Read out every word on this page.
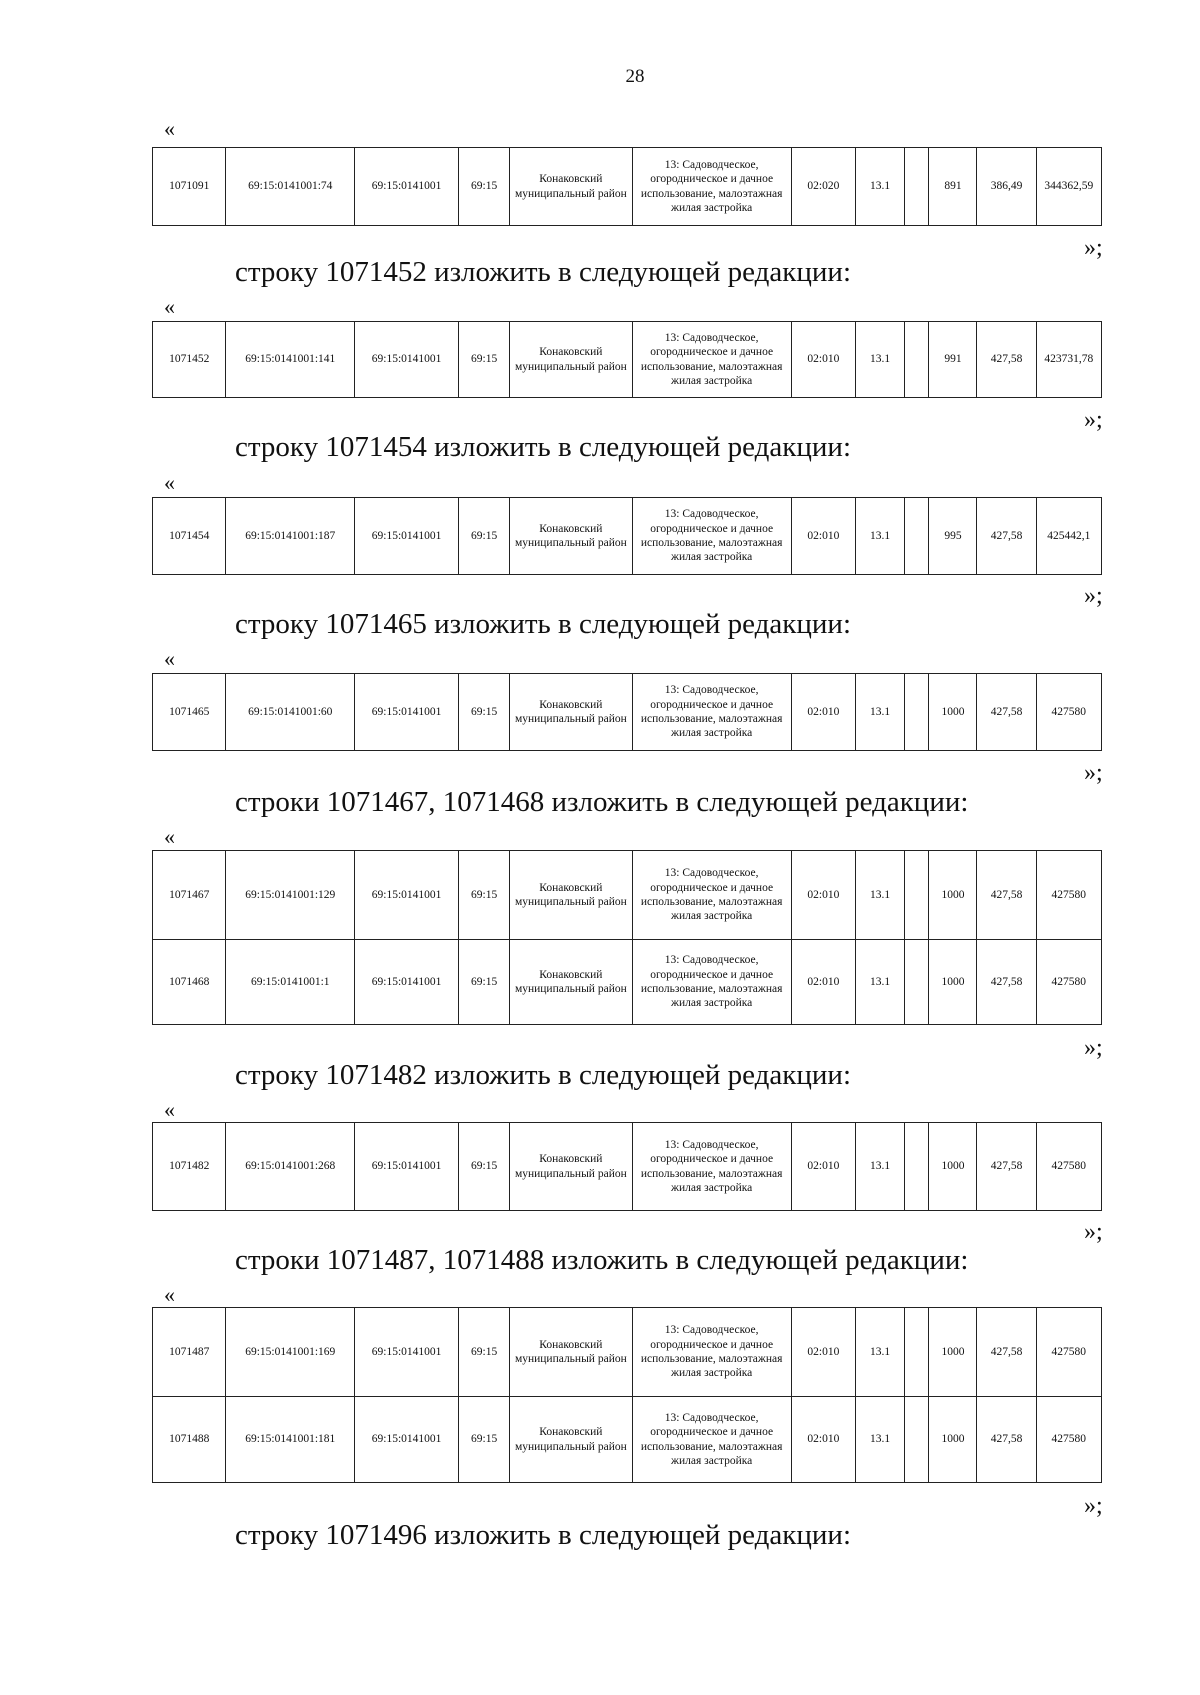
28
«
1071091	69:15:0141001:74	69:15:0141001	69:15	Конаковский муниципальный район	13: Садоводческое, огородническое и дачное использование, малоэтажная жилая застройка	02:020	13.1		891	386,49	344362,59
»;
строку 1071452 изложить в следующей редакции:
«
1071452	69:15:0141001:141	69:15:0141001	69:15	Конаковский муниципальный район	13: Садоводческое, огородническое и дачное использование, малоэтажная жилая застройка	02:010	13.1		991	427,58	423731,78
»;
строку 1071454 изложить в следующей редакции:
«
1071454	69:15:0141001:187	69:15:0141001	69:15	Конаковский муниципальный район	13: Садоводческое, огородническое и дачное использование, малоэтажная жилая застройка	02:010	13.1		995	427,58	425442,1
»;
строку 1071465 изложить в следующей редакции:
«
1071465	69:15:0141001:60	69:15:0141001	69:15	Конаковский муниципальный район	13: Садоводческое, огородническое и дачное использование, малоэтажная жилая застройка	02:010	13.1		1000	427,58	427580
»;
строки 1071467, 1071468 изложить в следующей редакции:
«
1071467	69:15:0141001:129	69:15:0141001	69:15	Конаковский муниципальный район	13: Садоводческое, огородническое и дачное использование, малоэтажная жилая застройка	02:010	13.1		1000	427,58	427580
1071468	69:15:0141001:1	69:15:0141001	69:15	Конаковский муниципальный район	13: Садоводческое, огородническое и дачное использование, малоэтажная жилая застройка	02:010	13.1		1000	427,58	427580
»;
строку 1071482 изложить в следующей редакции:
«
1071482	69:15:0141001:268	69:15:0141001	69:15	Конаковский муниципальный район	13: Садоводческое, огородническое и дачное использование, малоэтажная жилая застройка	02:010	13.1		1000	427,58	427580
»;
строки 1071487, 1071488 изложить в следующей редакции:
«
1071487	69:15:0141001:169	69:15:0141001	69:15	Конаковский муниципальный район	13: Садоводческое, огородническое и дачное использование, малоэтажная жилая застройка	02:010	13.1		1000	427,58	427580
1071488	69:15:0141001:181	69:15:0141001	69:15	Конаковский муниципальный район	13: Садоводческое, огородническое и дачное использование, малоэтажная жилая застройка	02:010	13.1		1000	427,58	427580
»;
строку 1071496 изложить в следующей редакции:
